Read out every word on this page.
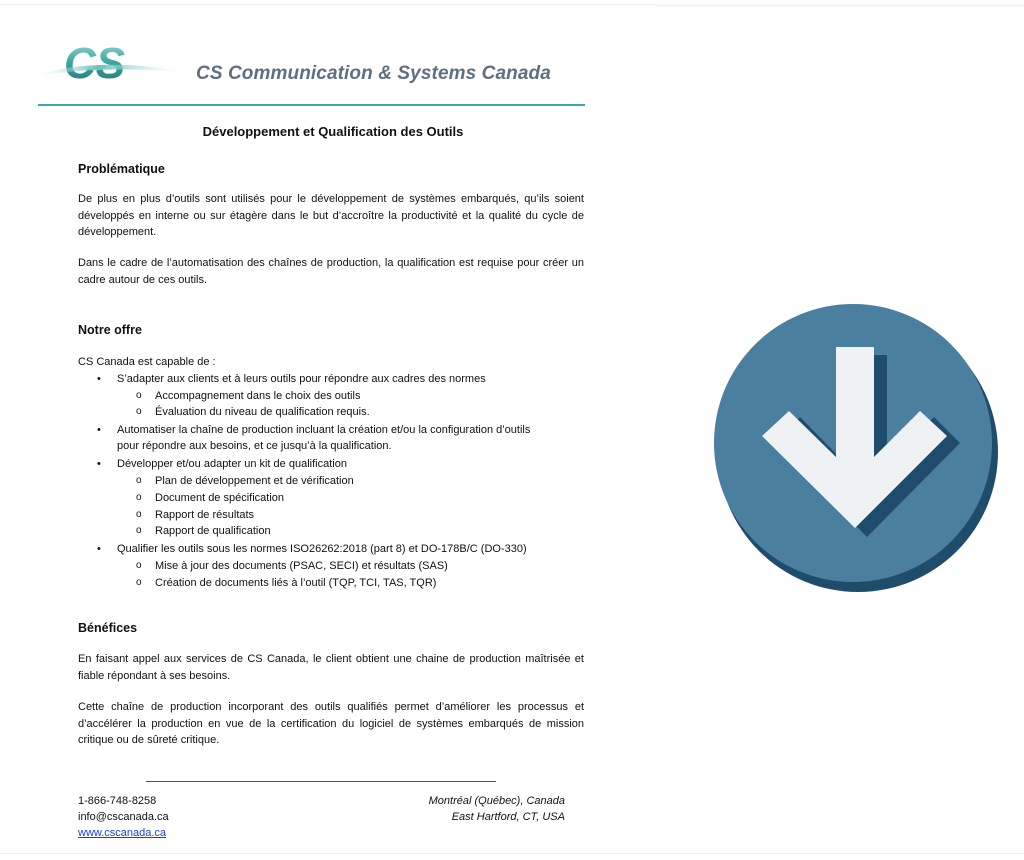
CS	CS Communication & Systems Canada
Développement et Qualification des Outils
Problématique
De plus en plus d’outils sont utilisés pour le développement de systèmes embarqués, qu’ils soient développés en interne ou sur étagère dans le but d’accroître la productivité et la qualité du cycle de développement.
Dans le cadre de l’automatisation des chaînes de production, la qualification est requise pour créer un cadre autour de ces outils.
Notre offre
CS Canada est capable de :
• S’adapter aux clients et à leurs outils pour répondre aux cadres des normes
o Accompagnement dans le choix des outils
o Évaluation du niveau de qualification requis.
• Automatiser la chaîne de production incluant la création et/ou la configuration d’outils
pour répondre aux besoins, et ce jusqu’à la qualification.
• Développer et/ou adapter un kit de qualification
o Plan de développement et de vérification
o Document de spécification
o Rapport de résultats
o Rapport de qualification
• Qualifier les outils sous les normes ISO26262:2018 (part 8) et DO-178B/C (DO-330)
o Mise à jour des documents (PSAC, SECI) et résultats (SAS)
o Création de documents liés à l’outil (TQP, TCI, TAS, TQR)
Bénéfices
En faisant appel aux services de CS Canada, le client obtient une chaine de production maîtrisée et fiable répondant à ses besoins.
Cette chaîne de production incorporant des outils qualifiés permet d’améliorer les processus et d’accélérer la production en vue de la certification du logiciel de systèmes embarqués de mission critique ou de sûreté critique.
1-866-748-8258
info@cscanada.ca
www.cscanada.ca
Montréal (Québec), Canada
East Hartford, CT, USA
